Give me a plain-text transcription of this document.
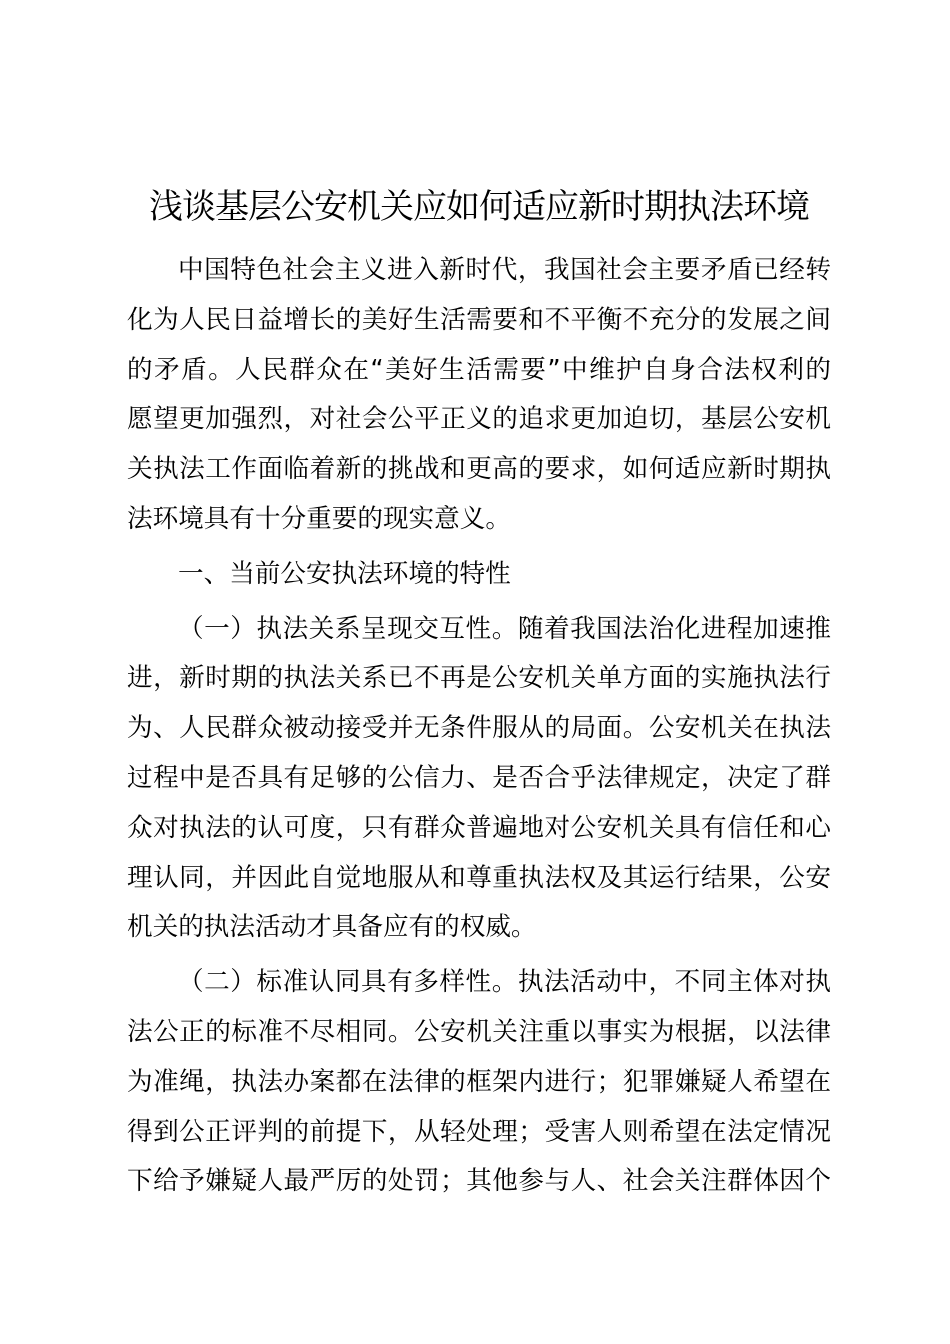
浅谈基层公安机关应如何适应新时期执法环境
中国特色社会主义进入新时代，我国社会主要矛盾已经转
化为人民日益增长的美好生活需要和不平衡不充分的发展之间
的矛盾。人民群众在“美好生活需要”中维护自身合法权利的
愿望更加强烈，对社会公平正义的追求更加迫切，基层公安机
关执法工作面临着新的挑战和更高的要求，如何适应新时期执
法环境具有十分重要的现实意义。
一、当前公安执法环境的特性
（一）执法关系呈现交互性。随着我国法治化进程加速推
进，新时期的执法关系已不再是公安机关单方面的实施执法行
为、人民群众被动接受并无条件服从的局面。公安机关在执法
过程中是否具有足够的公信力、是否合乎法律规定，决定了群
众对执法的认可度，只有群众普遍地对公安机关具有信任和心
理认同，并因此自觉地服从和尊重执法权及其运行结果，公安
机关的执法活动才具备应有的权威。
（二）标准认同具有多样性。执法活动中，不同主体对执
法公正的标准不尽相同。公安机关注重以事实为根据，以法律
为准绳，执法办案都在法律的框架内进行；犯罪嫌疑人希望在
得到公正评判的前提下，从轻处理；受害人则希望在法定情况
下给予嫌疑人最严厉的处罚；其他参与人、社会关注群体因个
